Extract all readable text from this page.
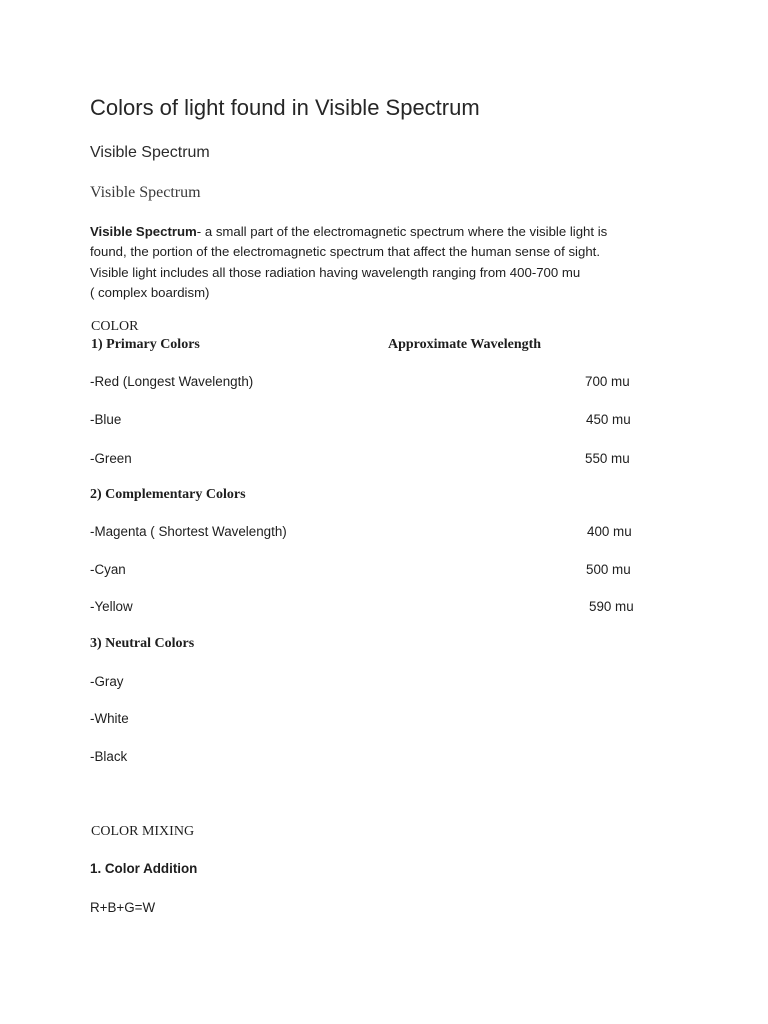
Colors of light found in Visible Spectrum
Visible Spectrum
Visible Spectrum
Visible Spectrum- a small part of the electromagnetic spectrum where the visible light is
found, the portion of the electromagnetic spectrum that affect the human sense of sight.
Visible light includes all those radiation having wavelength ranging from 400-700 mu
( complex boardism)
COLOR
1) Primary Colors	Approximate Wavelength
-Red (Longest Wavelength)	700 mu
-Blue	450 mu
-Green	550 mu
2) Complementary Colors
-Magenta ( Shortest Wavelength)	400 mu
-Cyan	500 mu
-Yellow	590 mu
3) Neutral Colors
-Gray
-White
-Black
COLOR MIXING
1. Color Addition
R+B+G=W
